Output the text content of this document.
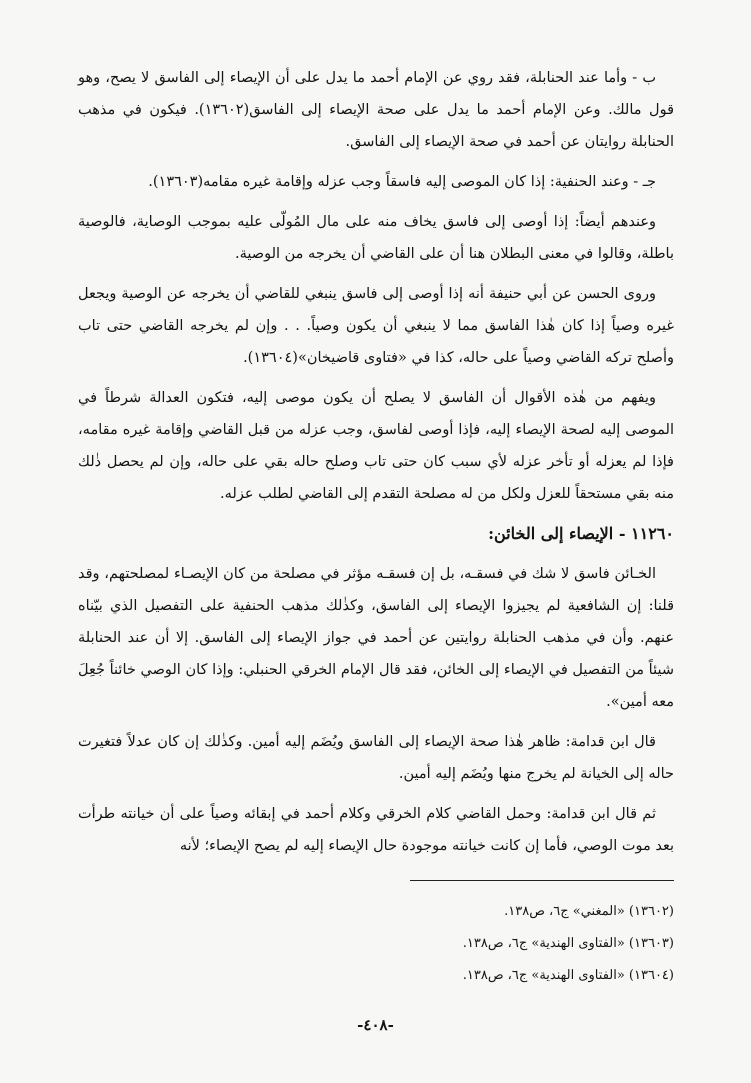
ب - وأما عند الحنابلة، فقد روي عن الإمام أحمد ما يدل على أن الإيصاء إلى الفاسق لا يصح، وهو قول مالك. وعن الإمام أحمد ما يدل على صحة الإيصاء إلى الفاسق(١٣٦٠٢). فيكون في مذهب الحنابلة روايتان عن أحمد في صحة الإيصاء إلى الفاسق.

جـ - وعند الحنفية: إذا كان الموصى إليه فاسقاً وجب عزله وإقامة غيره مقامه(١٣٦٠٣).

وعندهم أيضاً: إذا أوصى إلى فاسق يخاف منه على مال المُولّى عليه بموجب الوصاية، فالوصية باطلة، وقالوا في معنى البطلان هنا أن على القاضي أن يخرجه من الوصية.

وروى الحسن عن أبي حنيفة أنه إذا أوصى إلى فاسق ينبغي للقاضي أن يخرجه عن الوصية ويجعل غيره وصياً إذا كان هٰذا الفاسق مما لا ينبغي أن يكون وصياً. . . وإن لم يخرجه القاضي حتى تاب وأصلح تركه القاضي وصياً على حاله، كذا في «فتاوى قاضيخان»(١٣٦٠٤).

ويفهم من هٰذه الأقوال أن الفاسق لا يصلح أن يكون موصى إليه، فتكون العدالة شرطاً في الموصى إليه لصحة الإيصاء إليه، فإذا أوصى لفاسق، وجب عزله من قبل القاضي وإقامة غيره مقامه، فإذا لم يعزله أو تأخر عزله لأي سبب كان حتى تاب وصلح حاله بقي على حاله، وإن لم يحصل ذٰلك منه بقي مستحقاً للعزل ولكل من له مصلحة التقدم إلى القاضي لطلب عزله.

١١٢٦٠ - الإيصاء إلى الخائن:

الخـائن فاسق لا شك في فسقـه، بل إن فسقـه مؤثر في مصلحة من كان الإيصـاء لمصلحتهم، وقد قلنا: إن الشافعية لم يجيزوا الإيصاء إلى الفاسق، وكذٰلك مذهب الحنفية على التفصيل الذي بيّناه عنهم. وأن في مذهب الحنابلة روايتين عن أحمد في جواز الإيصاء إلى الفاسق. إلا أن عند الحنابلة شيئاً من التفصيل في الإيصاء إلى الخائن، فقد قال الإمام الخرقي الحنبلي: وإذا كان الوصي خائناً جُعِلَ معه أمين».

قال ابن قدامة: ظاهر هٰذا صحة الإيصاء إلى الفاسق ويُضَم إليه أمين. وكذٰلك إن كان عدلاً فتغيرت حاله إلى الخيانة لم يخرج منها ويُضَم إليه أمين.

ثم قال ابن قدامة: وحمل القاضي كلام الخرقي وكلام أحمد في إبقائه وصياً على أن خيانته طرأت بعد موت الوصي، فأما إن كانت خيانته موجودة حال الإيصاء إليه لم يصح الإيصاء؛ لأنه

(١٣٦٠٢) «المغني» ج٦، ص١٣٨.

(١٣٦٠٣) «الفتاوى الهندية» ج٦، ص١٣٨.

(١٣٦٠٤) «الفتاوى الهندية» ج٦، ص١٣٨.

-٤٠٨-
